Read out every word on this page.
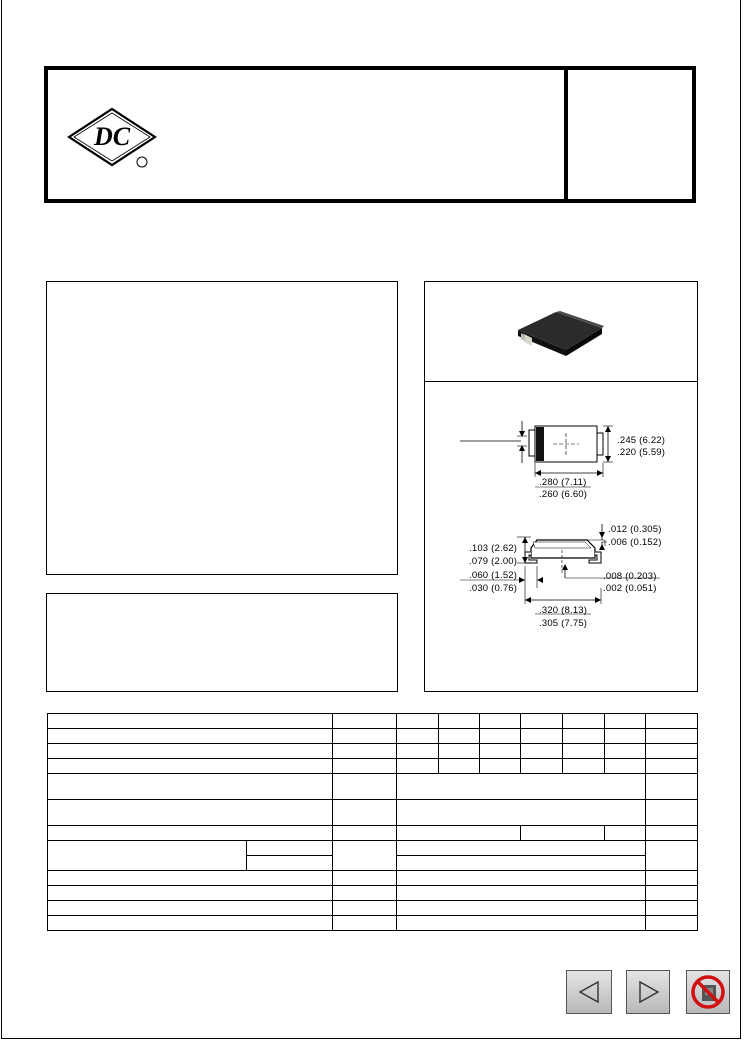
DC
.245 (6.22)
.220 (5.59)
.280 (7.11)
.260 (6.60)
.012 (0.305)
.006 (0.152)
.103 (2.62)
.079 (2.00)
.060 (1.52)
.030 (0.76)
.008 (0.203)
.002 (0.051)
.320 (8.13)
.305 (7.75)
